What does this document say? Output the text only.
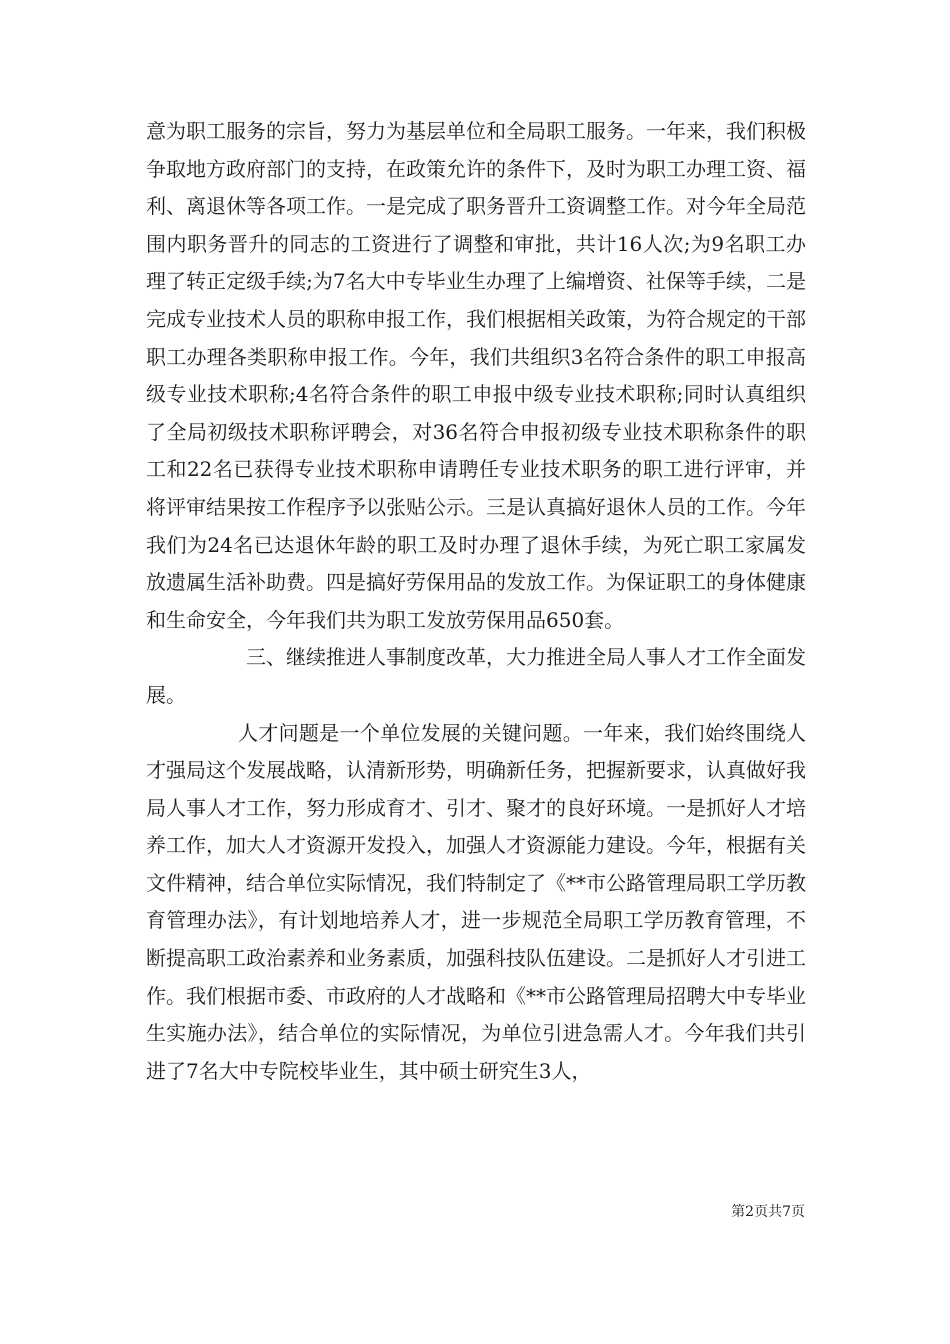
意为职工服务的宗旨，努力为基层单位和全局职工服务。一年来，我们积极争取地方政府部门的支持，在政策允许的条件下，及时为职工办理工资、福利、离退休等各项工作。一是完成了职务晋升工资调整工作。对今年全局范围内职务晋升的同志的工资进行了调整和审批，共计16人次;为9名职工办理了转正定级手续;为7名大中专毕业生办理了上编增资、社保等手续，二是完成专业技术人员的职称申报工作，我们根据相关政策，为符合规定的干部职工办理各类职称申报工作。今年，我们共组织3名符合条件的职工申报高级专业技术职称;4名符合条件的职工申报中级专业技术职称;同时认真组织了全局初级技术职称评聘会，对36名符合申报初级专业技术职称条件的职工和22名已获得专业技术职称申请聘任专业技术职务的职工进行评审，并将评审结果按工作程序予以张贴公示。三是认真搞好退休人员的工作。今年我们为24名已达退休年龄的职工及时办理了退休手续，为死亡职工家属发放遗属生活补助费。四是搞好劳保用品的发放工作。为保证职工的身体健康和生命安全，今年我们共为职工发放劳保用品650套。

三、继续推进人事制度改革，大力推进全局人事人才工作全面发展。

人才问题是一个单位发展的关键问题。一年来，我们始终围绕人才强局这个发展战略，认清新形势，明确新任务，把握新要求，认真做好我局人事人才工作，努力形成育才、引才、聚才的良好环境。一是抓好人才培养工作，加大人才资源开发投入，加强人才资源能力建设。今年，根据有关文件精神，结合单位实际情况，我们特制定了《**市公路管理局职工学历教育管理办法》，有计划地培养人才，进一步规范全局职工学历教育管理，不断提高职工政治素养和业务素质，加强科技队伍建设。二是抓好人才引进工作。我们根据市委、市政府的人才战略和《**市公路管理局招聘大中专毕业生实施办法》，结合单位的实际情况，为单位引进急需人才。今年我们共引进了7名大中专院校毕业生，其中硕士研究生3人，

第2页共7页
